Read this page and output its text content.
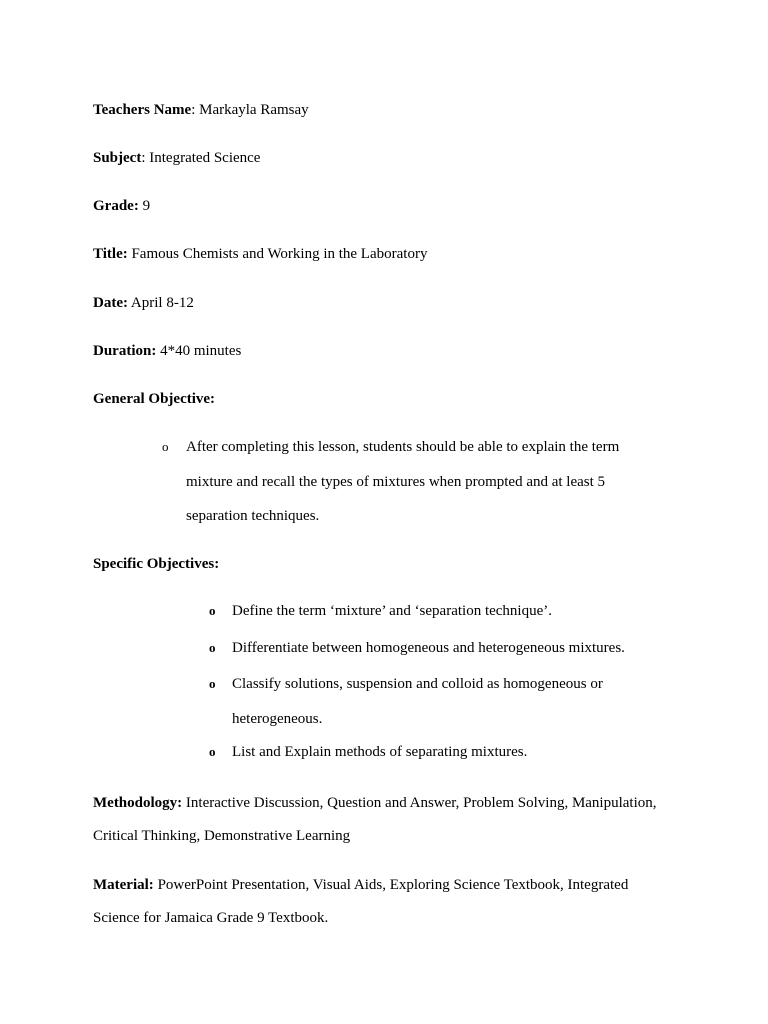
Teachers Name: Markayla Ramsay
Subject: Integrated Science
Grade: 9
Title: Famous Chemists and Working in the Laboratory
Date: April 8-12
Duration: 4*40 minutes
General Objective:
o After completing this lesson, students should be able to explain the term
mixture and recall the types of mixtures when prompted and at least 5
separation techniques.
Specific Objectives:
o Define the term ‘mixture’ and ‘separation technique’.
o Differentiate between homogeneous and heterogeneous mixtures.
o Classify solutions, suspension and colloid as homogeneous or
heterogeneous.
o List and Explain methods of separating mixtures.
Methodology: Interactive Discussion, Question and Answer, Problem Solving, Manipulation,
Critical Thinking, Demonstrative Learning
Material: PowerPoint Presentation, Visual Aids, Exploring Science Textbook, Integrated
Science for Jamaica Grade 9 Textbook.
